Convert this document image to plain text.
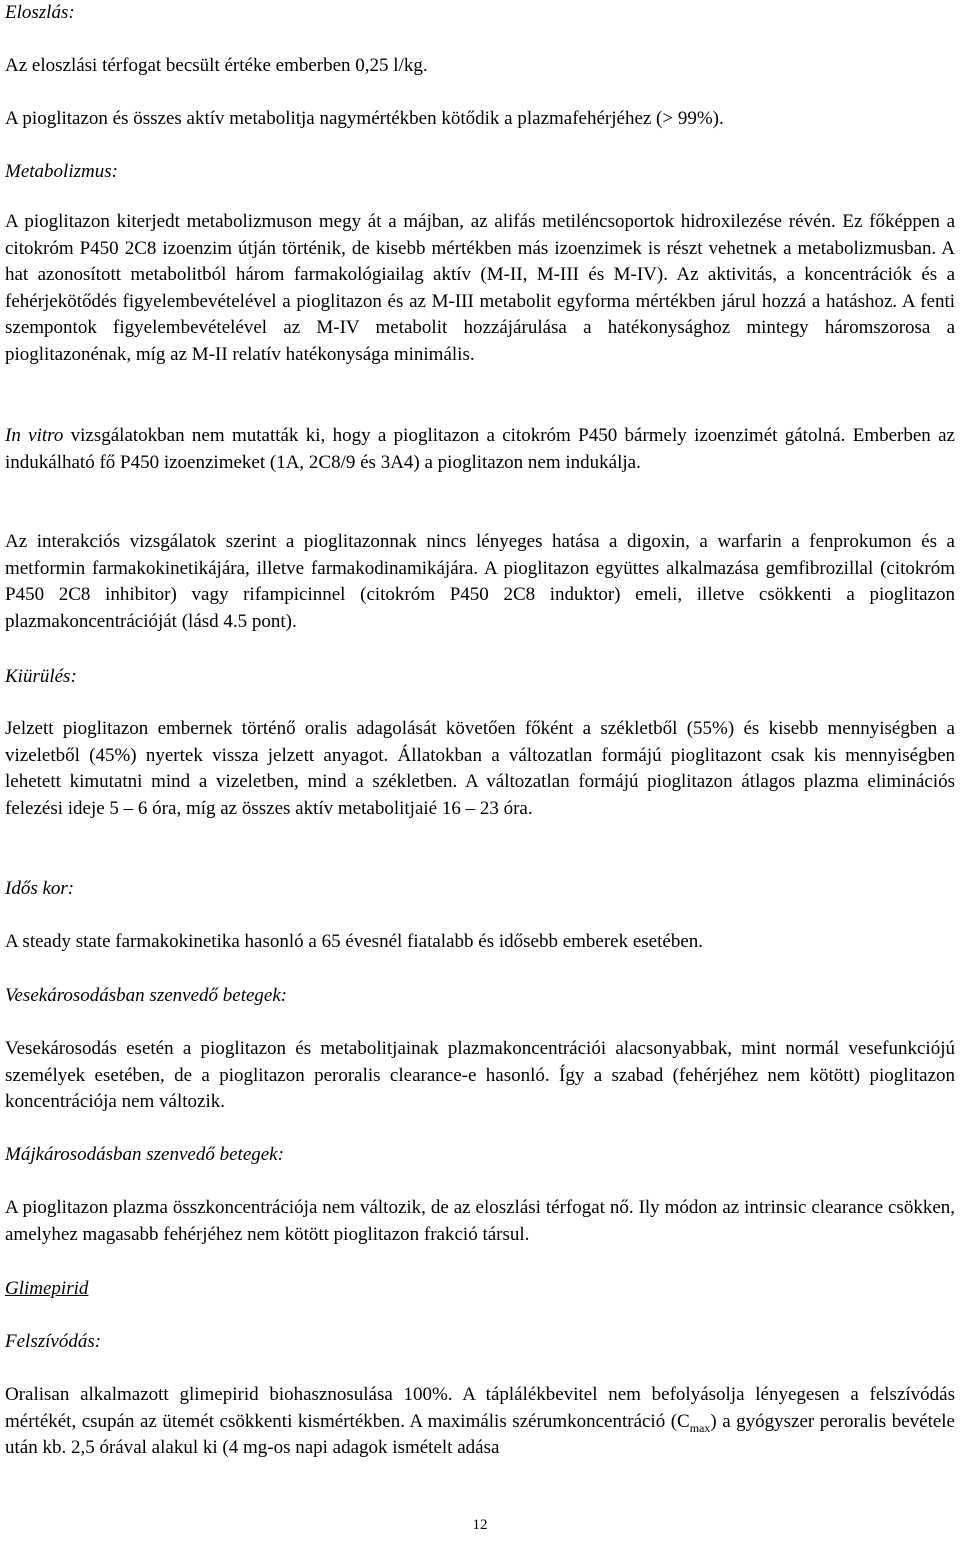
Eloszlás:

Az eloszlási térfogat becsült értéke emberben 0,25 l/kg.

A pioglitazon és összes aktív metabolitja nagymértékben kötődik a plazmafehérjéhez (> 99%).

Metabolizmus:

A pioglitazon kiterjedt metabolizmuson megy át a májban, az alifás metiléncsoportok hidroxilezése révén. Ez főképpen a citokróm P450 2C8 izoenzim útján történik, de kisebb mértékben más izoenzimek is részt vehetnek a metabolizmusban. A hat azonosított metabolitból három farmakológiailag aktív (M-II, M-III és M-IV). Az aktivitás, a koncentrációk és a fehérjekötődés figyelembevételével a pioglitazon és az M-III metabolit egyforma mértékben járul hozzá a hatáshoz. A fenti szempontok figyelembevételével az M-IV metabolit hozzájárulása a hatékonysághoz mintegy háromszorosa a pioglitazonénak, míg az M-II relatív hatékonysága minimális.

In vitro vizsgálatokban nem mutatták ki, hogy a pioglitazon a citokróm P450 bármely izoenzimét gátolná. Emberben az indukálható fő P450 izoenzimeket (1A, 2C8/9 és 3A4) a pioglitazon nem indukálja.

Az interakciós vizsgálatok szerint a pioglitazonnak nincs lényeges hatása a digoxin, a warfarin a fenprokumon és a metformin farmakokinetikájára, illetve farmakodinamikájára. A pioglitazon együttes alkalmazása gemfibrozillal (citokróm P450 2C8 inhibitor) vagy rifampicinnel (citokróm P450 2C8 induktor) emeli, illetve csökkenti a pioglitazon plazmakoncentrációját (lásd 4.5 pont).

Kiürülés:

Jelzett pioglitazon embernek történő oralis adagolását követően főként a székletből (55%) és kisebb mennyiségben a vizeletből (45%) nyertek vissza jelzett anyagot. Állatokban a változatlan formájú pioglitazont csak kis mennyiségben lehetett kimutatni mind a vizeletben, mind a székletben. A változatlan formájú pioglitazon átlagos plazma eliminációs felezési ideje 5 – 6 óra, míg az összes aktív metabolitjaié 16 – 23 óra.

Idős kor:

A steady state farmakokinetika hasonló a 65 évesnél fiatalabb és idősebb emberek esetében.

Vesekárosodásban szenvedő betegek:

Vesekárosodás esetén a pioglitazon és metabolitjainak plazmakoncentrációi alacsonyabbak, mint normál vesefunkciójú személyek esetében, de a pioglitazon peroralis clearance-e hasonló. Így a szabad (fehérjéhez nem kötött) pioglitazon koncentrációja nem változik.

Májkárosodásban szenvedő betegek:

A pioglitazon plazma összkoncentrációja nem változik, de az eloszlási térfogat nő. Ily módon az intrinsic clearance csökken, amelyhez magasabb fehérjéhez nem kötött pioglitazon frakció társul.

Glimepirid

Felszívódás:

Oralisan alkalmazott glimepirid biohasznosulása 100%. A táplálékbevitel nem befolyásolja lényegesen a felszívódás mértékét, csupán az ütemét csökkenti kismértékben. A maximális szérumkoncentráció $(C_{max})$ a gyógyszer peroralis bevétele után kb. 2,5 órával alakul ki (4 mg-os napi adagok ismételt adása

12
